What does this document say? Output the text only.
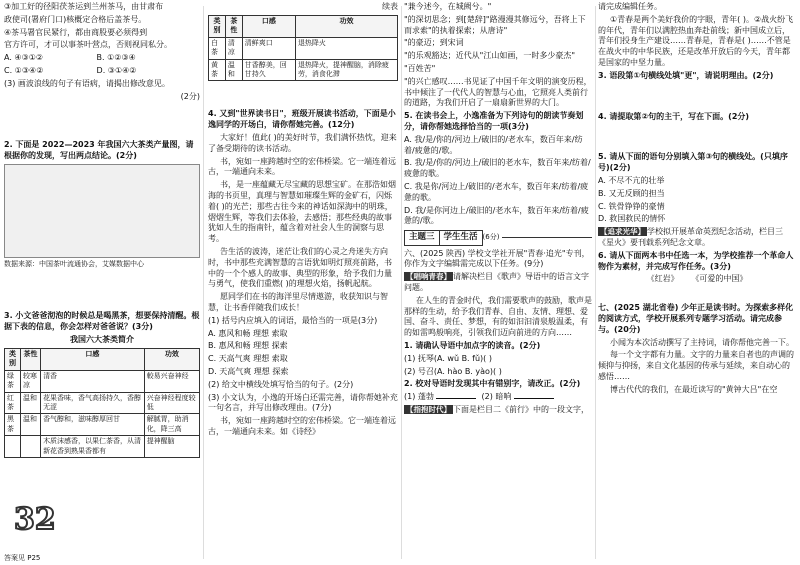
③加工好的径阳茯茶运到兰州茶马，由甘肃布

政使司(署府门口)核概定合格后盖茶号。

④茶马署官民紧行，都由商股要必须得到

官方许可，才可以事茶叶营点，否则视同私分。

A. ④③①②	B. ①②③④

C. ①③④②	D. ③①④②

(3) 画波浪线的句子有语病，请揭出修改意见。

(2分)

2. 下面是 2022—2023 年我国六大茶类产量图，请根据你的发现，写出两点结论。(2分)

数据来源：中国茶叶流通协会，艾媒数据中心

3. 小文爸爸沏泡的时候总是喝黑茶，想要保持清醒。根据下表的信息，你会怎样对爸爸说？(3分)

我国六大茶类简介

类别	茶性	口感	功效
绿茶	较寒凉	清香	較易兴奋神经
红茶	温和	花果香味，香气高扬持久，香醇无涩	兴奋神经程度较低
黑茶	温和	香气醇和，滋味醇厚回甘	解腻胃，助消化，降三高
		木质沫感香，以果仁茶香，从清新花香到熟果香都有	提神醒脑
32
答案见 P25

续表

类别	茶性	口感	功效
白茶	清凉	清鲜爽口	退热降火
黄茶	温和	甘香醇美，回甘持久	退热降火，提神醒脑，消除疲劳，消食化滞

4. 又到"世界读书日"，班级开展读书活动，下面是小逸同学的开场白，请你帮她完善。(12分)

大家好！值此( )的美好时节，我们满怀热忱，迎来了备受期待的读书活动。

书，宛如一座跨越时空的宏伟桥梁。它一端连着远古，一端通向未来。

书，是一座蕴藏无尽宝藏的思想宝矿。在那浩如烟海的书页里，真理与智慧如璀璨生辉的金矿石，闪烁着( )的光芒；那些古往今来的神话如深海中的明珠，熠熠生辉，等我们去体验，去感悟；那些经典的故事犹如人生的指南针，蕴含着对社会人生的洞察与思考。

告生活的波涛，迷茫让我们的心灵之舟迷失方向时，书中那些充满智慧的言语犹如明灯照亮前路，书中的一个个感人的故事、典型的形象，给予我们力量与勇气，使我们重燃( )的理想火焰，扬帆起航。

愿同学们在书的海洋里尽情遨游，收获知识与智慧，让书香伴随我们成长！

(1) 括号内应填入的词语，最恰当的一项是(3分)

A. 惠风和畅 理想 索取

B. 惠风和畅 理想 探索

C. 天高气爽 理想 索取

D. 天高气爽 理想 探索

(2) 给文中横线处填写恰当的句子。(2分)

(3) 小文认为，小逸的开场白还需完善，请你帮她补充一句名言，并写出修改理由。(7分)

书，宛如一座跨越时空的宏伟桥梁。它一端连着远古，一端通向未来。如《诗经》

"兼今述今，在城阙兮。"

"的深切思念；到[楚辞]"路漫漫其修远兮，吾将上下而求索"的执着探索；从唐诗"

"的豪迈；到宋词

"的乐观豁达；近代从"江山如画，一时多少豪杰"

"百姓苦"

"的兴亡感叹……书见证了中国千年文明的演变历程，书中倾注了一代代人的智慧与心血，它照亮人类前行的道路，为我们开启了一扇扇新世界的大门。

5. 在读书会上，小逸准备为下列诗句的朗读节奏划分，请你帮她选择恰当的一项(3分)

A. 我/是/你的/河边上/破旧的/老水车，数百年来/纺着/疲惫的/歌。

B. 我/是/你的/河边上/破旧的老水车，数百年来/纺着/疲惫的歌。

C. 我是你/河边上/破旧的/老水车，数百年来/纺着/疲惫的歌。

D. 我/是你河边上/破旧的/老水车，数百年来/纺着/疲惫的/歌。

主题三	学生生活 (6分)

六、(2025 陕西) 学校文学社开展"青春·追光"专刊，你作为文字编辑需完成以下任务。(9分)

【唱响青春】 请解决栏目《歌声》导语中的语言文字问题。

在人生的青金时代，我们需要歌声的鼓励，歌声是那样的生动，给予我们青春、自由、友情、理想、爱国、奋斗、责任、梦想，有的如汩汩清泉般温柔，有的如雷鸣般响亮，引领我们迈向前进的方向……

1. 请确认导语中加点字的读音。(2分)

(1) 抚琴(A. wǔ B. fǔ)( )

(2) 号召(A. hào B. yào)( )

2. 校对导语时发现其中有错别字，请改正。(2分)

(1) 蓬勃	(2) 暗响

【指抱时代】 下面是栏目二《前行》中的一段文字，

请完成编辑任务。

①青春是两个美好我价的字眼，青年( )。②战火纷飞的年代，青年们以满腔热血奔赴前线；新中国成立后，青年们投身生产建设……青春是，青春是( )……不管是在战火中的中华民族，还是改革开放后的今天，青年都是国家的中坚力量。

3. 语段第①句横线处填"更"，请说明理由。(2分)

4. 请提取第②句的主干，写在下面。(2分)

5. 请从下面的语句分别填入第③句的横线处。(只填序号)(2分)

A. 不尽不亢的壮举

B. 又无反顾的担当

C. 铁骨铮铮的豪情

D. 救国救民的情怀

【追求光华】 学校拟开展革命英烈纪念活动，栏目三《星火》要刊载系列纪念文章。

6. 请从下面两本书中任选一本，为学校推荐一个革命人物作为素材，并完成写作任务。(3分)

《红岩》 《可爱的中国》

七、(2025 湖北省卷) 少年正是读书时。为探索多样化的阅读方式，学校开展系列专题学习活动。请完成参与。(20分)

小闻为本次活动撰写了主持词，请你帮他完善一下。

每一个文字都有力量。文字的力量来自者也的声调的倾抑与抑扬，来自文化基因的传承与延续，来自动心的感悟……

博古代代的我们，在最近读写的"黄钟大吕"在空
